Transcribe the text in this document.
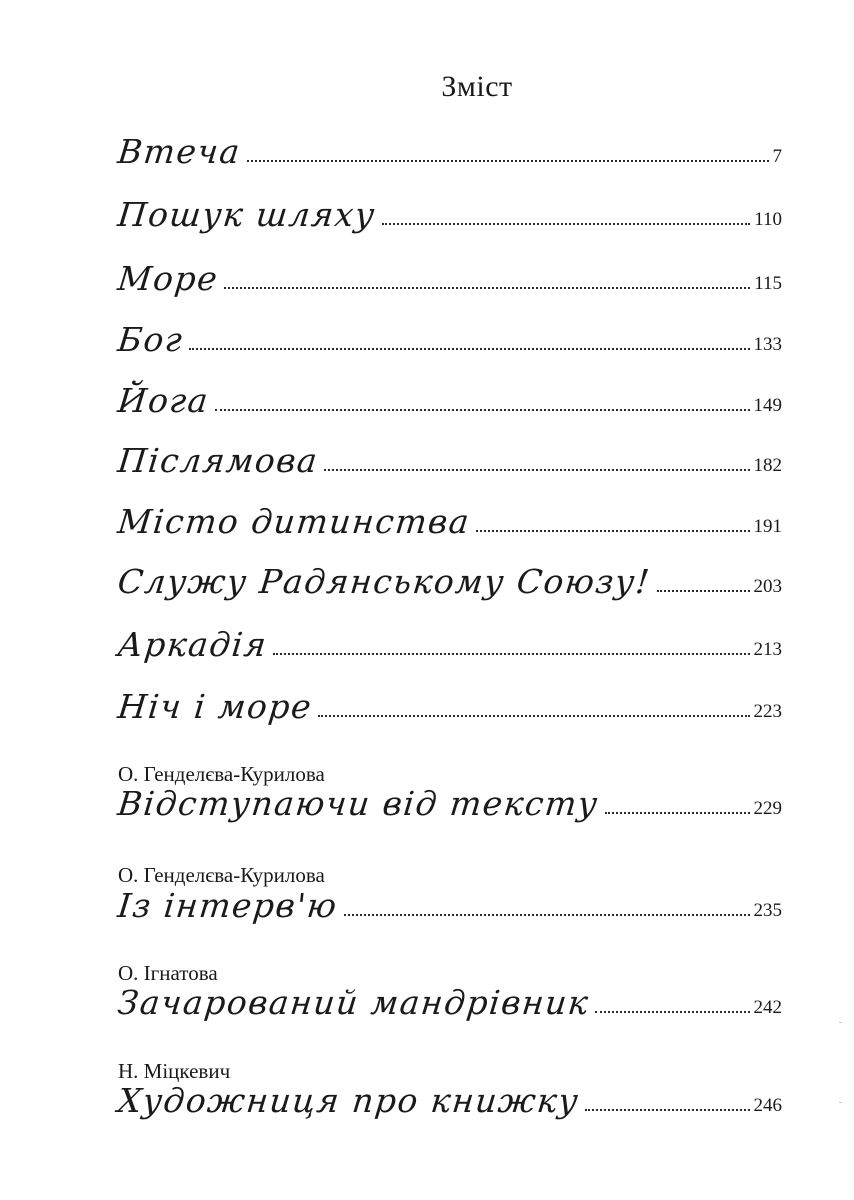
Зміст
Втеча	7
Пошук шляху	110
Море	115
Бог	133
Йога	149
Післямова	182
Місто дитинства	191
Служу Радянському Союзу!	203
Аркадія	213
Ніч і море	223
О. Генделєва-Курилова
Відступаючи від тексту	229
О. Генделєва-Курилова
Із інтерв'ю	235
О. Ігнатова
Зачарований мандрівник	242
Н. Міцкевич
Художниця про книжку	246
